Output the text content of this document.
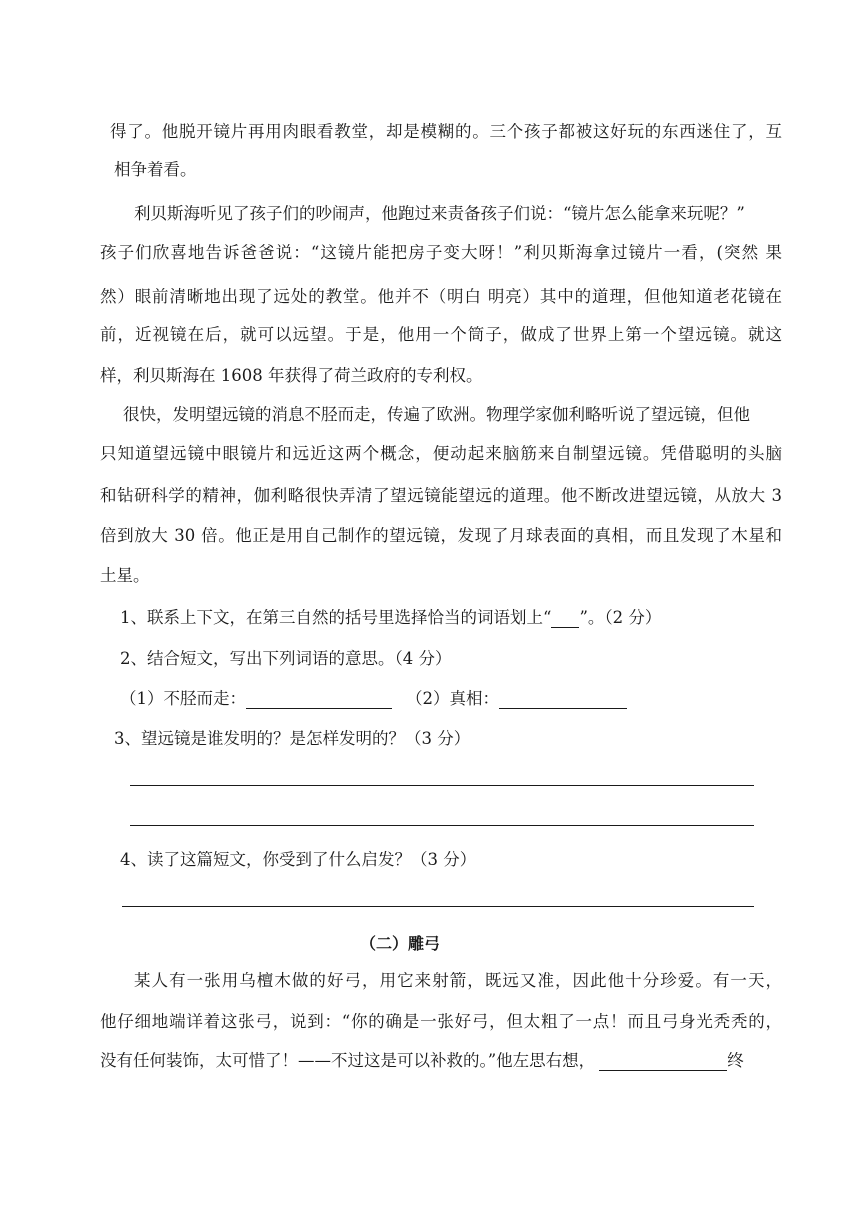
得了。他脱开镜片再用肉眼看教堂，却是模糊的。三个孩子都被这好玩的东西迷住了，互
相争着看。
利贝斯海听见了孩子们的吵闹声，他跑过来责备孩子们说：“镜片怎么能拿来玩呢？”
孩子们欣喜地告诉爸爸说：“这镜片能把房子变大呀！”利贝斯海拿过镜片一看，(突然 果
然）眼前清晰地出现了远处的教堂。他并不（明白 明亮）其中的道理，但他知道老花镜在
前，近视镜在后，就可以远望。于是，他用一个筒子，做成了世界上第一个望远镜。就这
样，利贝斯海在 1608 年获得了荷兰政府的专利权。
很快，发明望远镜的消息不胫而走，传遍了欧洲。物理学家伽利略听说了望远镜，但他
只知道望远镜中眼镜片和远近这两个概念，便动起来脑筋来自制望远镜。凭借聪明的头脑
和钻研科学的精神，伽利略很快弄清了望远镜能望远的道理。他不断改进望远镜，从放大 3
倍到放大 30 倍。他正是用自己制作的望远镜，发现了月球表面的真相，而且发现了木星和
土星。
1、联系上下文，在第三自然的括号里选择恰当的词语划上“ ”。（2 分）
2、结合短文，写出下列词语的意思。（4 分）
（1）不胫而走：	（2）真相：
3、望远镜是谁发明的？是怎样发明的？（3 分）
4、读了这篇短文，你受到了什么启发？（3 分）
（二）雕弓
某人有一张用乌檀木做的好弓，用它来射箭，既远又准，因此他十分珍爱。有一天，
他仔细地端详着这张弓，说到：“你的确是一张好弓，但太粗了一点！而且弓身光秃秃的，
没有任何装饰，太可惜了！——不过这是可以补救的。”他左思右想，	终
